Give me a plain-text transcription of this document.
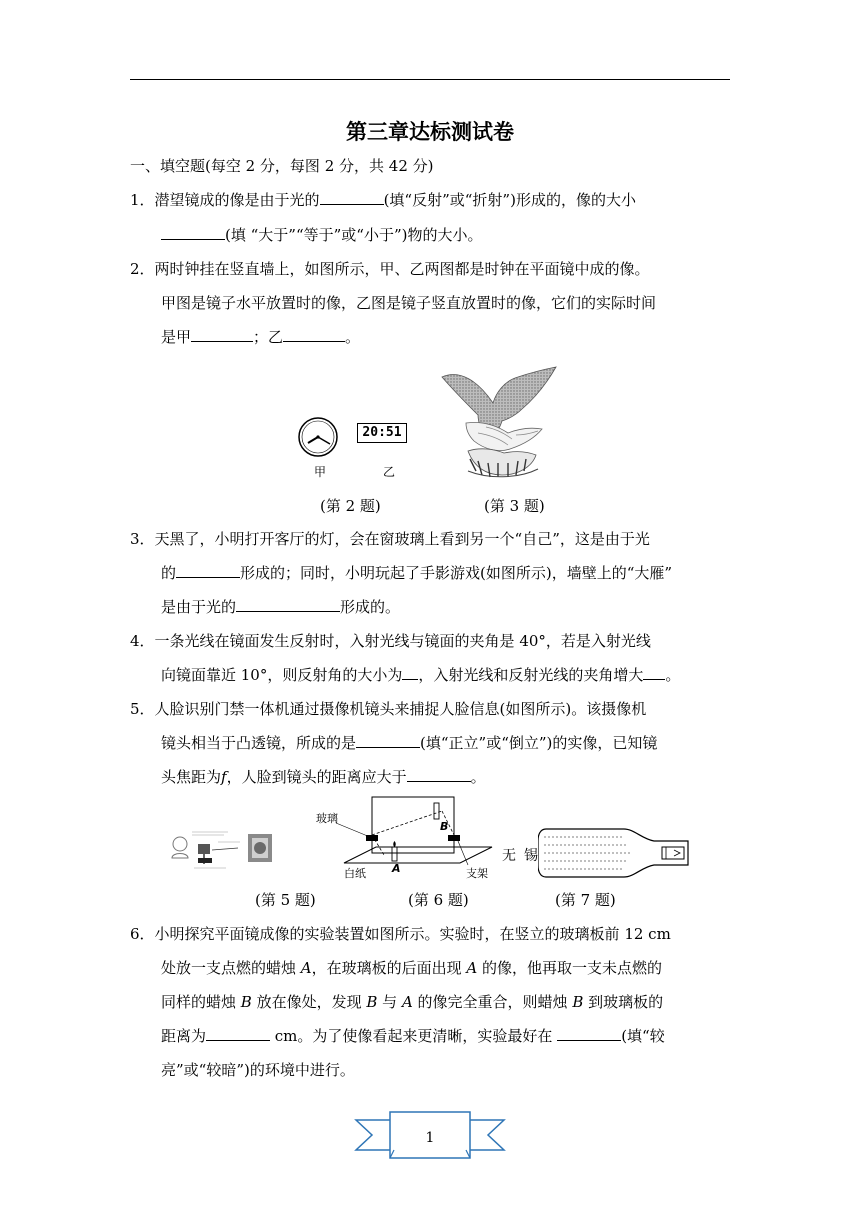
第三章达标测试卷
一、填空题(每空 2 分，每图 2 分，共 42 分)
1．潜望镜成的像是由于光的	(填“反射”或“折射”)形成的，像的大小
(填 “大于”“等于”或“小于”)物的大小。
2．两时钟挂在竖直墙上，如图所示，甲、乙两图都是时钟在平面镜中成的像。
甲图是镜子水平放置时的像，乙图是镜子竖直放置时的像，它们的实际时间
是甲	；乙	。
甲
20:51
乙
(第 2 题)	(第 3 题)
3．天黑了，小明打开客厅的灯，会在窗玻璃上看到另一个“自己”，这是由于光
的	形成的；同时，小明玩起了手影游戏(如图所示)，墙壁上的“大雁”
是由于光的	形成的。
4．一条光线在镜面发生反射时，入射光线与镜面的夹角是 40°，若是入射光线
向镜面靠近 10°，则反射角的大小为 ，入射光线和反射光线的夹角增大 。
5．人脸识别门禁一体机通过摄像机镜头来捕捉人脸信息(如图所示)。该摄像机
镜头相当于凸透镜，所成的是	(填“正立”或“倒立”)的实像，已知镜
头焦距为f，人脸到镜头的距离应大于	。
玻璃
B
A
白纸	支架
无 锡
(第 5 题)	(第 6 题)	(第 7 题)
6．小明探究平面镜成像的实验装置如图所示。实验时，在竖立的玻璃板前 12 cm
处放一支点燃的蜡烛 A，在玻璃板的后面出现 A 的像，他再取一支未点燃的
同样的蜡烛 B 放在像处，发现 B 与 A 的像完全重合，则蜡烛 B 到玻璃板的
距离为	cm。为了使像看起来更清晰，实验最好在	(填“较
亮”或“较暗”)的环境中进行。
1
